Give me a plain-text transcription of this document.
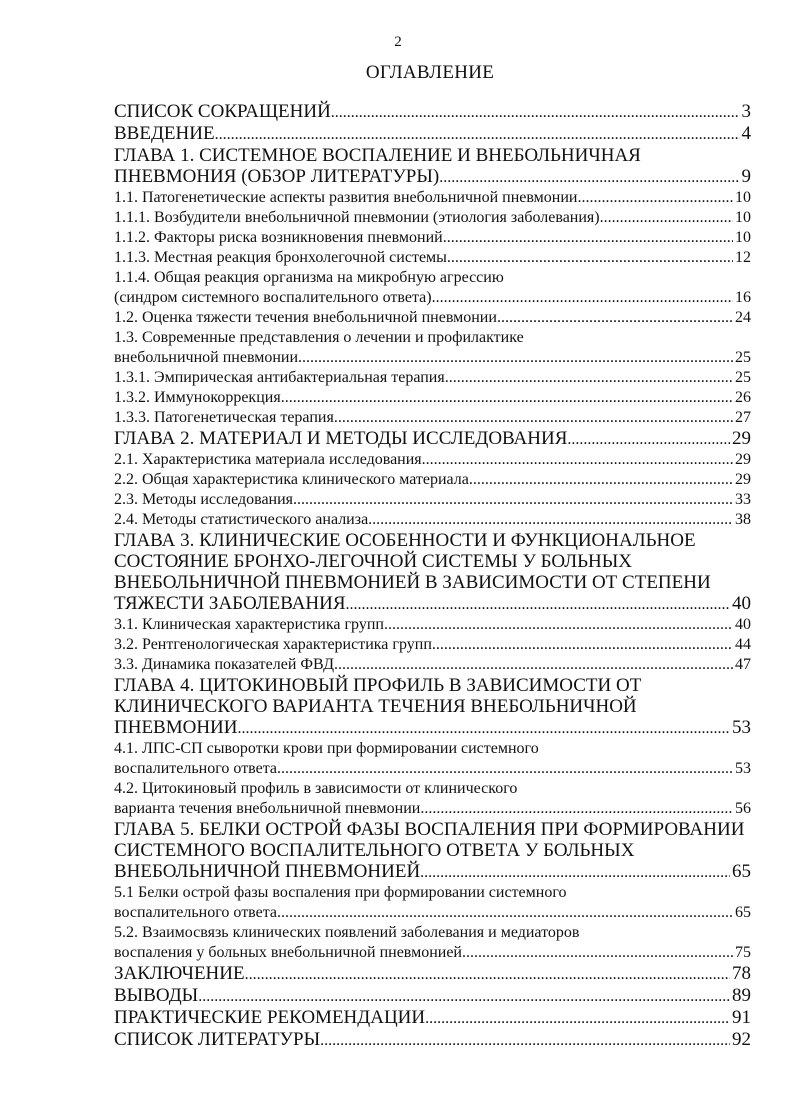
2
ОГЛАВЛЕНИЕ
СПИСОК СОКРАЩЕНИЙ .....	3
ВВЕДЕНИЕ .....	4
ГЛАВА 1. СИСТЕМНОЕ ВОСПАЛЕНИЕ И ВНЕБОЛЬНИЧНАЯ
ПНЕВМОНИЯ (ОБЗОР ЛИТЕРАТУРЫ) .....	9
1.1. Патогенетические аспекты развития внебольничной пневмонии .....	10
1.1.1. Возбудители внебольничной пневмонии (этиология заболевания) .....	10
1.1.2. Факторы риска возникновения пневмоний .....	10
1.1.3. Местная реакция бронхолегочной системы .....	12
1.1.4. Общая реакция организма на микробную агрессию
(синдром системного воспалительного ответа) .....	16
1.2. Оценка тяжести течения внебольничной пневмонии .....	24
1.3. Современные представления о лечении и профилактике
внебольничной пневмонии .....	25
1.3.1. Эмпирическая антибактериальная терапия .....	25
1.3.2. Иммунокоррекция .....	26
1.3.3. Патогенетическая терапия .....	27
ГЛАВА 2. МАТЕРИАЛ И МЕТОДЫ ИССЛЕДОВАНИЯ .....	29
2.1. Характеристика материала исследования .....	29
2.2. Общая характеристика клинического материала .....	29
2.3. Методы исследования .....	33
2.4. Методы статистического анализа .....	38
ГЛАВА 3. КЛИНИЧЕСКИЕ ОСОБЕННОСТИ И ФУНКЦИОНАЛЬНОЕ
СОСТОЯНИЕ БРОНХО-ЛЕГОЧНОЙ СИСТЕМЫ У БОЛЬНЫХ
ВНЕБОЛЬНИЧНОЙ ПНЕВМОНИЕЙ В ЗАВИСИМОСТИ ОТ СТЕПЕНИ
ТЯЖЕСТИ ЗАБОЛЕВАНИЯ .....	40
3.1. Клиническая характеристика групп .....	40
3.2. Рентгенологическая характеристика групп .....	44
3.3. Динамика показателей ФВД .....	47
ГЛАВА 4. ЦИТОКИНОВЫЙ ПРОФИЛЬ В ЗАВИСИМОСТИ ОТ
КЛИНИЧЕСКОГО ВАРИАНТА ТЕЧЕНИЯ ВНЕБОЛЬНИЧНОЙ
ПНЕВМОНИИ .....	53
4.1. ЛПС-СП сыворотки крови при формировании системного
воспалительного ответа .....	53
4.2. Цитокиновый профиль в зависимости от клинического
варианта течения внебольничной пневмонии .....	56
ГЛАВА 5. БЕЛКИ ОСТРОЙ ФАЗЫ ВОСПАЛЕНИЯ ПРИ ФОРМИРОВАНИИ
СИСТЕМНОГО ВОСПАЛИТЕЛЬНОГО ОТВЕТА У БОЛЬНЫХ
ВНЕБОЛЬНИЧНОЙ ПНЕВМОНИЕЙ .....	65
5.1 Белки острой фазы воспаления при формировании системного
воспалительного ответа .....	65
5.2. Взаимосвязь клинических появлений заболевания и медиаторов
воспаления у больных внебольничной пневмонией .....	75
ЗАКЛЮЧЕНИЕ .....	78
ВЫВОДЫ .....	89
ПРАКТИЧЕСКИЕ РЕКОМЕНДАЦИИ .....	91
СПИСОК ЛИТЕРАТУРЫ .....	92
